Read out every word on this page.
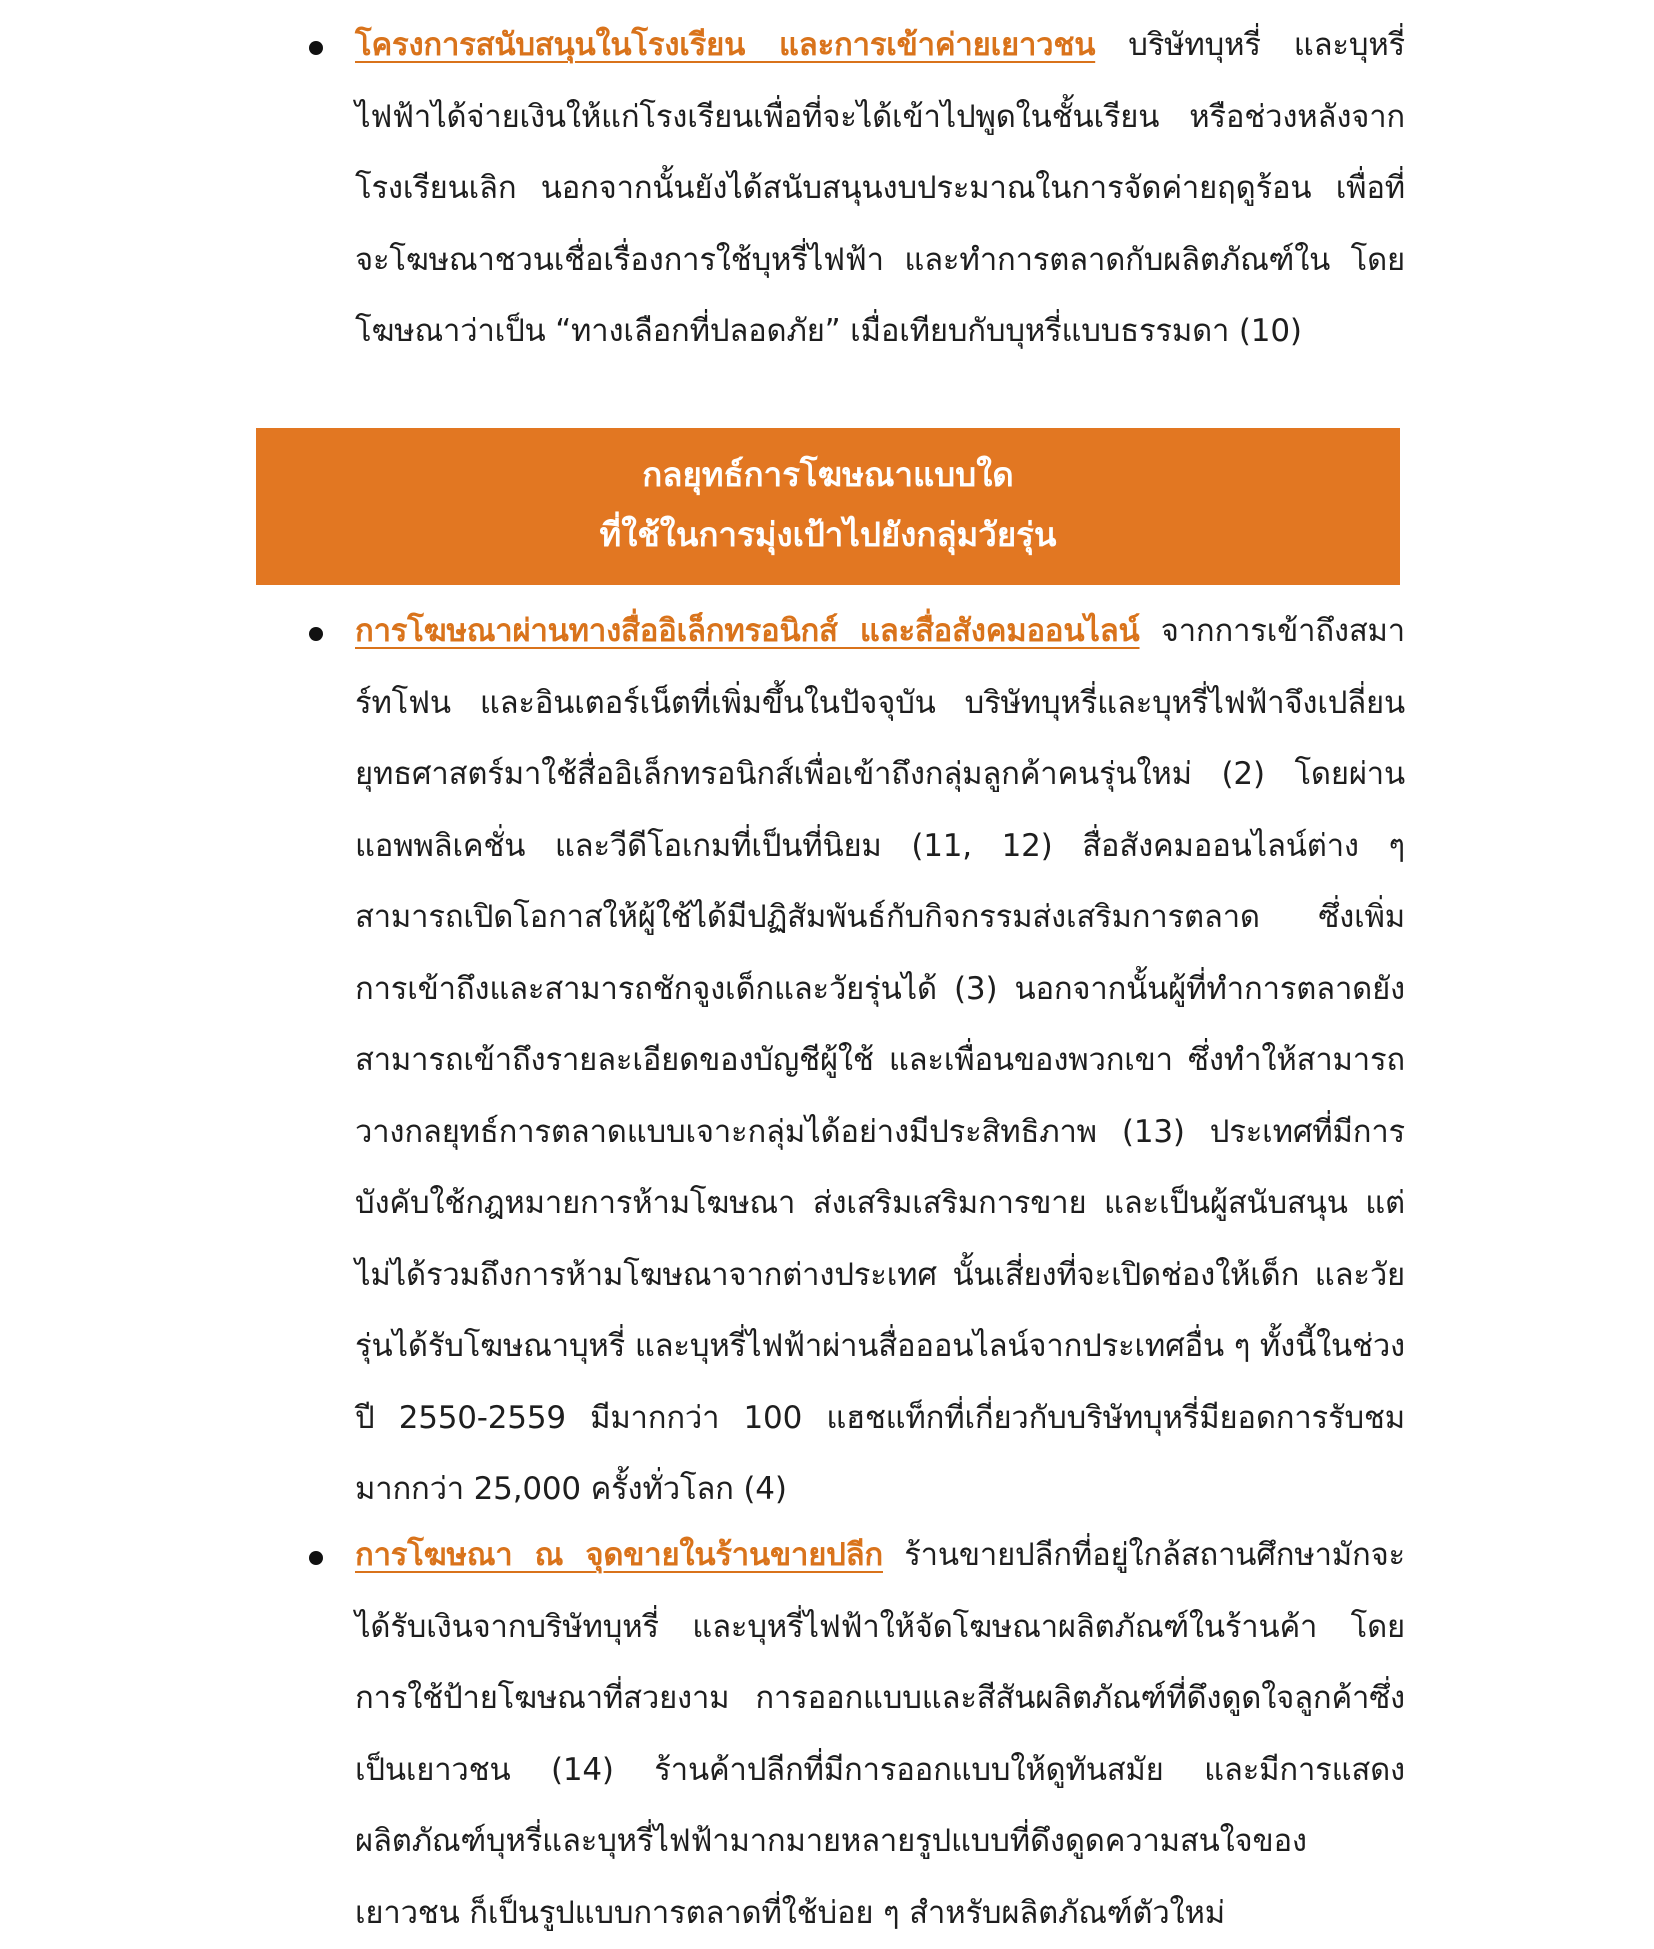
โครงการสนับสนุนในโรงเรียน และการเข้าค่ายเยาวชน บริษัทบุหรี่ และบุหรี่ไฟฟ้าได้จ่ายเงินให้แก่โรงเรียนเพื่อที่จะได้เข้าไปพูดในชั้นเรียน หรือช่วงหลังจากโรงเรียนเลิก นอกจากนั้นยังได้สนับสนุนงบประมาณในการจัดค่ายฤดูร้อน เพื่อที่จะโฆษณาชวนเชื่อเรื่องการใช้บุหรี่ไฟฟ้า และทำการตลาดกับผลิตภัณฑ์ใน โดยโฆษณาว่าเป็น “ทางเลือกที่ปลอดภัย” เมื่อเทียบกับบุหรี่แบบธรรมดา (10)

กลยุทธ์การโฆษณาแบบใด
ที่ใช้ในการมุ่งเป้าไปยังกลุ่มวัยรุ่น

การโฆษณาผ่านทางสื่ออิเล็กทรอนิกส์ และสื่อสังคมออนไลน์ จากการเข้าถึงสมาร์ทโฟน และอินเตอร์เน็ตที่เพิ่มขึ้นในปัจจุบัน บริษัทบุหรี่และบุหรี่ไฟฟ้าจึงเปลี่ยนยุทธศาสตร์มาใช้สื่ออิเล็กทรอนิกส์เพื่อเข้าถึงกลุ่มลูกค้าคนรุ่นใหม่ (2) โดยผ่านแอพพลิเคชั่น และวีดีโอเกมที่เป็นที่นิยม (11, 12) สื่อสังคมออนไลน์ต่าง ๆ สามารถเปิดโอกาสให้ผู้ใช้ได้มีปฏิสัมพันธ์กับกิจกรรมส่งเสริมการตลาด ซึ่งเพิ่มการเข้าถึงและสามารถชักจูงเด็กและวัยรุ่นได้ (3) นอกจากนั้นผู้ที่ทำการตลาดยังสามารถเข้าถึงรายละเอียดของบัญชีผู้ใช้ และเพื่อนของพวกเขา ซึ่งทำให้สามารถวางกลยุทธ์การตลาดแบบเจาะกลุ่มได้อย่างมีประสิทธิภาพ (13) ประเทศที่มีการบังคับใช้กฎหมายการห้ามโฆษณา ส่งเสริมเสริมการขาย และเป็นผู้สนับสนุน แต่ไม่ได้รวมถึงการห้ามโฆษณาจากต่างประเทศ นั้นเสี่ยงที่จะเปิดช่องให้เด็ก และวัยรุ่นได้รับโฆษณาบุหรี่ และบุหรี่ไฟฟ้าผ่านสื่อออนไลน์จากประเทศอื่น ๆ ทั้งนี้ในช่วงปี 2550-2559 มีมากกว่า 100 แฮชแท็กที่เกี่ยวกับบริษัทบุหรี่มียอดการรับชมมากกว่า 25,000 ครั้งทั่วโลก (4)

การโฆษณา ณ จุดขายในร้านขายปลีก ร้านขายปลีกที่อยู่ใกล้สถานศึกษามักจะได้รับเงินจากบริษัทบุหรี่ และบุหรี่ไฟฟ้าให้จัดโฆษณาผลิตภัณฑ์ในร้านค้า โดยการใช้ป้ายโฆษณาที่สวยงาม การออกแบบและสีสันผลิตภัณฑ์ที่ดึงดูดใจลูกค้าซึ่งเป็นเยาวชน (14) ร้านค้าปลีกที่มีการออกแบบให้ดูทันสมัย และมีการแสดงผลิตภัณฑ์บุหรี่และบุหรี่ไฟฟ้ามากมายหลายรูปแบบที่ดึงดูดความสนใจของเยาวชน ก็เป็นรูปแบบการตลาดที่ใช้บ่อย ๆ สำหรับผลิตภัณฑ์ตัวใหม่
